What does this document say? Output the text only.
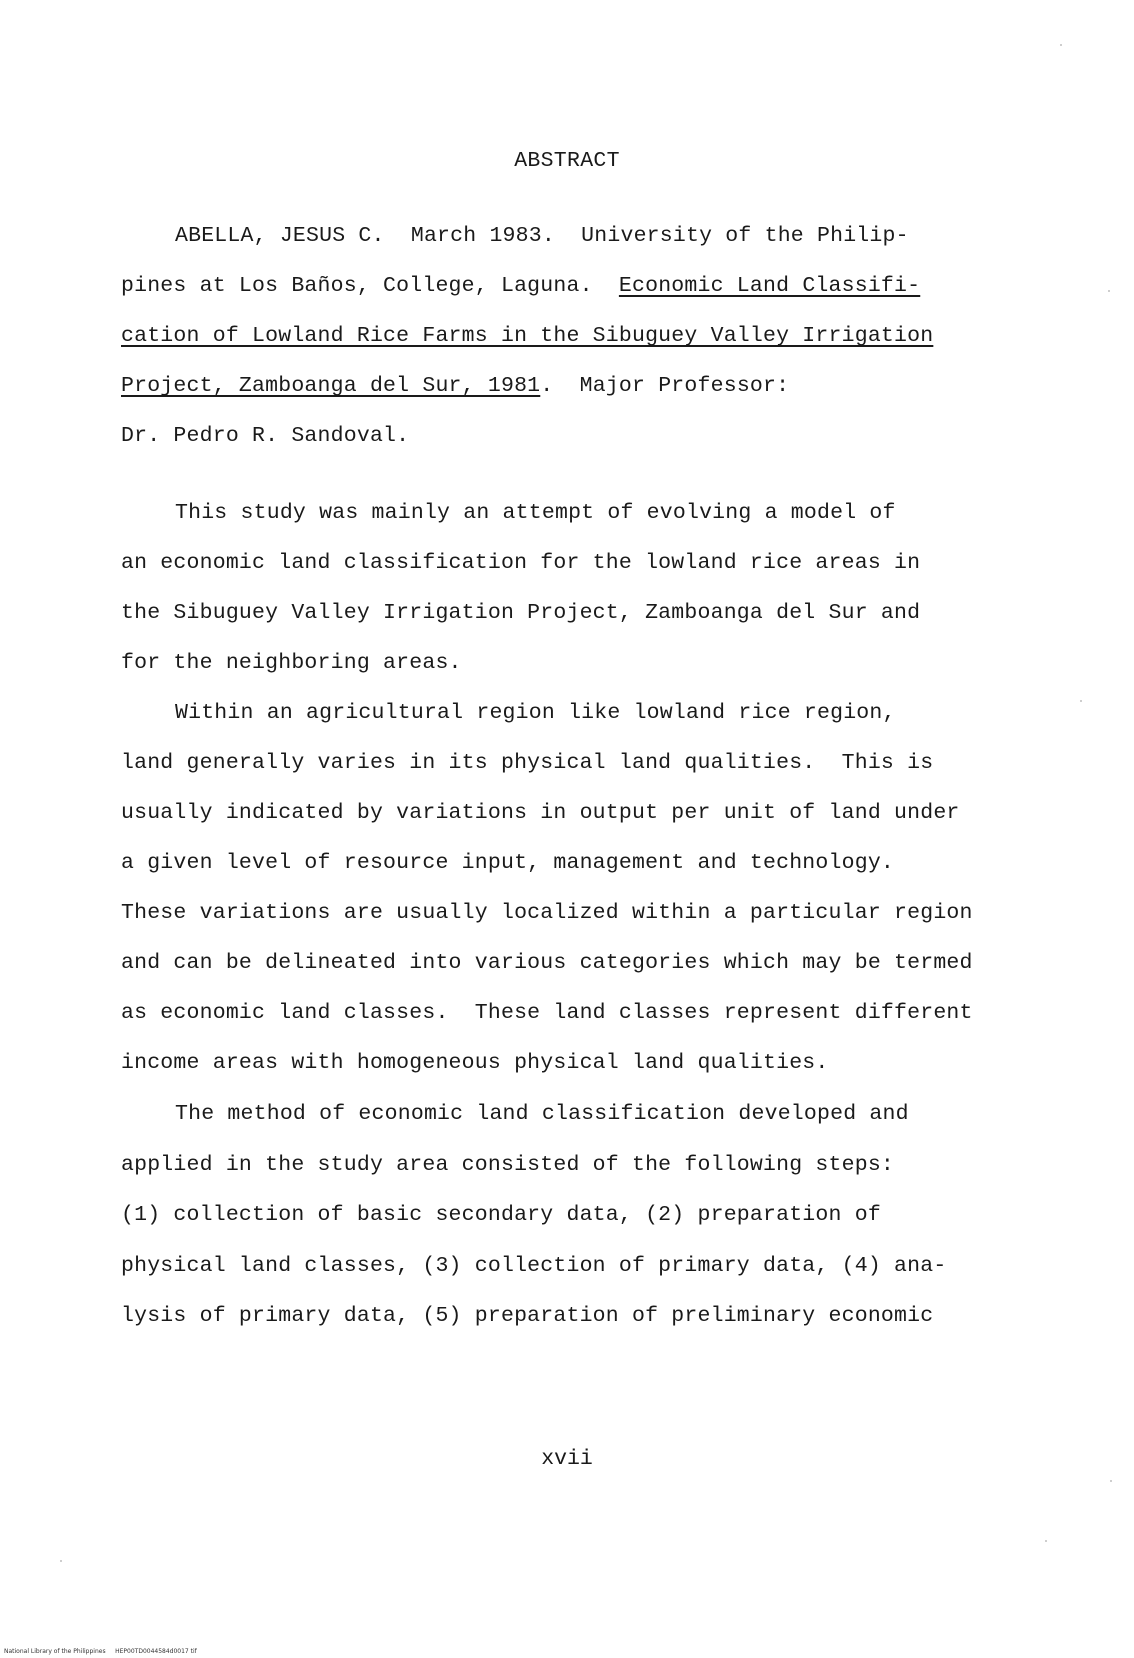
ABSTRACT
ABELLA, JESUS C.  March 1983.  University of the Philip-
pines at Los Baños, College, Laguna.  Economic Land Classifi-
cation of Lowland Rice Farms in the Sibuguey Valley Irrigation
Project, Zamboanga del Sur, 1981.  Major Professor:
Dr. Pedro R. Sandoval.
This study was mainly an attempt of evolving a model of
an economic land classification for the lowland rice areas in
the Sibuguey Valley Irrigation Project, Zamboanga del Sur and
for the neighboring areas.
Within an agricultural region like lowland rice region,
land generally varies in its physical land qualities.  This is
usually indicated by variations in output per unit of land under
a given level of resource input, management and technology.
These variations are usually localized within a particular region
and can be delineated into various categories which may be termed
as economic land classes.  These land classes represent different
income areas with homogeneous physical land qualities.
The method of economic land classification developed and
applied in the study area consisted of the following steps:
(1) collection of basic secondary data, (2) preparation of
physical land classes, (3) collection of primary data, (4) ana-
lysis of primary data, (5) preparation of preliminary economic
xvii
National Library of the Philippines     HEP00TD0044584d0017 tif
